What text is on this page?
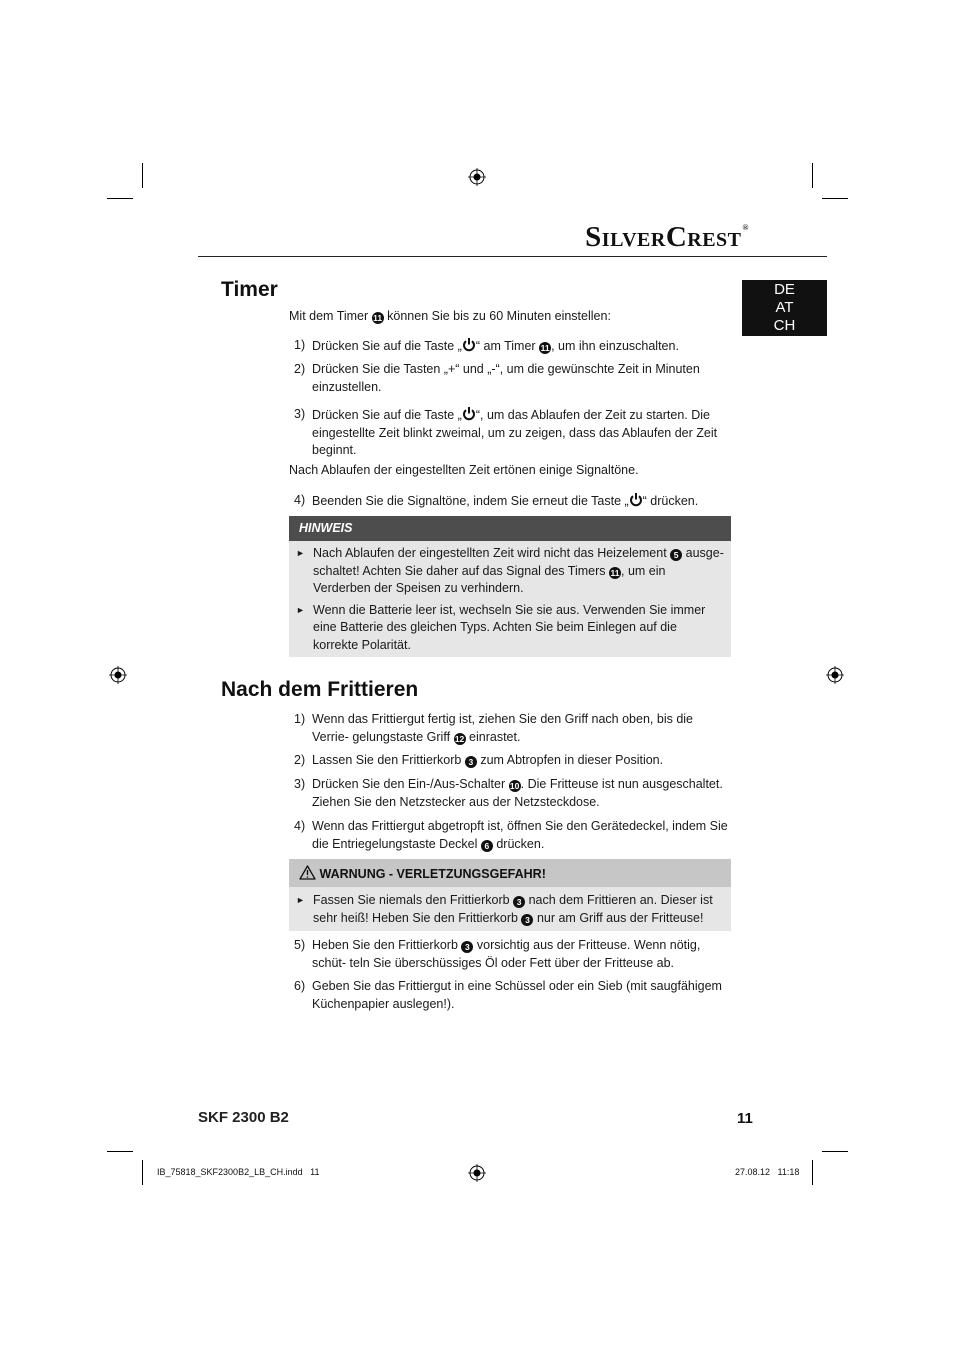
SilverCrest®
DE
AT
CH
Timer
Mit dem Timer 11 können Sie bis zu 60 Minuten einstellen:
1) Drücken Sie auf die Taste „ “ am Timer 11 , um ihn einzuschalten.
2) Drücken Sie die Tasten „+“ und „-“, um die gewünschte Zeit in Minuten einzustellen.
3) Drücken Sie auf die Taste „ “, um das Ablaufen der Zeit zu starten. Die eingestellte Zeit blinkt zweimal, um zu zeigen, dass das Ablaufen der Zeit beginnt.
Nach Ablaufen der eingestellten Zeit ertönen einige Signaltöne.
4) Beenden Sie die Signaltöne, indem Sie erneut die Taste „ “ drücken.
HINWEIS
► Nach Ablaufen der eingestellten Zeit wird nicht das Heizelement 5 ausge- schaltet! Achten Sie daher auf das Signal des Timers 11 , um ein Verderben der Speisen zu verhindern.
► Wenn die Batterie leer ist, wechseln Sie sie aus. Verwenden Sie immer eine Batterie des gleichen Typs. Achten Sie beim Einlegen auf die korrekte Polarität.
Nach dem Frittieren
1) Wenn das Frittiergut fertig ist, ziehen Sie den Griff nach oben, bis die Verrie- gelungstaste Griff 12 einrastet.
2) Lassen Sie den Frittierkorb 3 zum Abtropfen in dieser Position.
3) Drücken Sie den Ein-/Aus-Schalter 10. Die Fritteuse ist nun ausgeschaltet. Ziehen Sie den Netzstecker aus der Netzsteckdose.
4) Wenn das Frittiergut abgetropft ist, öffnen Sie den Gerätedeckel, indem Sie die Entriegelungstaste Deckel 6 drücken.
WARNUNG - VERLETZUNGSGEFAHR!
► Fassen Sie niemals den Frittierkorb 3 nach dem Frittieren an. Dieser ist sehr heiß! Heben Sie den Frittierkorb 3 nur am Griff aus der Fritteuse!
5) Heben Sie den Frittierkorb 3 vorsichtig aus der Fritteuse. Wenn nötig, schüt- teln Sie überschüssiges Öl oder Fett über der Fritteuse ab.
6) Geben Sie das Frittiergut in eine Schüssel oder ein Sieb (mit saugfähigem Küchenpapier auslegen!).
SKF 2300 B2	11
IB_75818_SKF2300B2_LB_CH.indd   11	27.08.12   11:18
